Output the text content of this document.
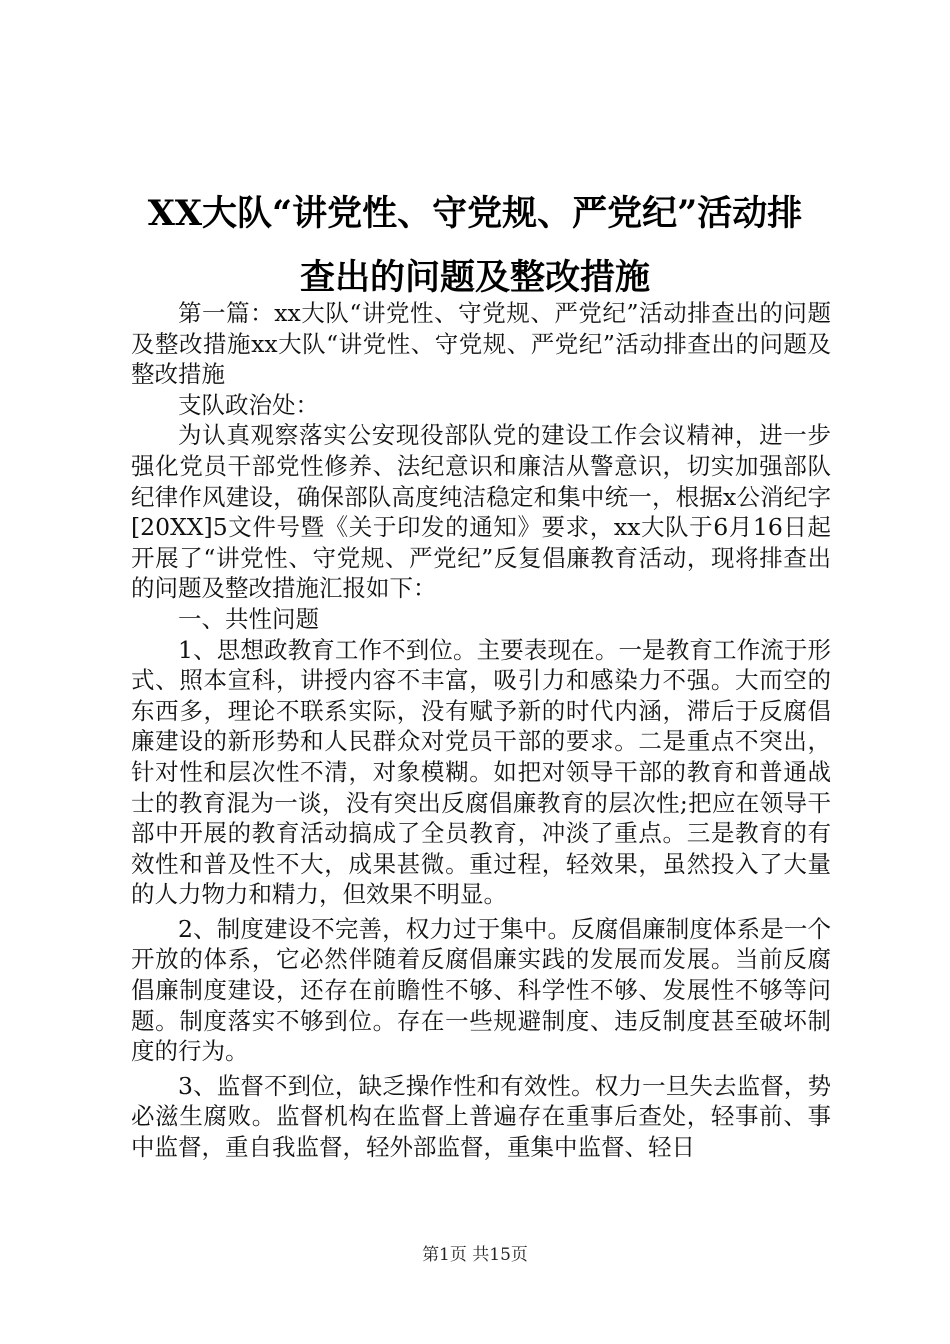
XX大队“讲党性、守党规、严党纪”活动排
查出的问题及整改措施

第一篇：xx大队“讲党性、守党规、严党纪”活动排查出的问题及整改措施xx大队“讲党性、守党规、严党纪”活动排查出的问题及整改措施

支队政治处：

为认真观察落实公安现役部队党的建设工作会议精神，进一步强化党员干部党性修养、法纪意识和廉洁从警意识，切实加强部队纪律作风建设，确保部队高度纯洁稳定和集中统一，根据x公消纪字[20XX]5文件号暨《关于印发的通知》要求，xx大队于6月16日起开展了“讲党性、守党规、严党纪”反复倡廉教育活动，现将排查出的问题及整改措施汇报如下：

一、共性问题

1、思想政教育工作不到位。主要表现在。一是教育工作流于形式、照本宣科，讲授内容不丰富，吸引力和感染力不强。大而空的东西多，理论不联系实际，没有赋予新的时代内涵，滞后于反腐倡廉建设的新形势和人民群众对党员干部的要求。二是重点不突出，针对性和层次性不清，对象模糊。如把对领导干部的教育和普通战士的教育混为一谈，没有突出反腐倡廉教育的层次性;把应在领导干部中开展的教育活动搞成了全员教育，冲淡了重点。三是教育的有效性和普及性不大，成果甚微。重过程，轻效果，虽然投入了大量的人力物力和精力，但效果不明显。

2、制度建设不完善，权力过于集中。反腐倡廉制度体系是一个开放的体系，它必然伴随着反腐倡廉实践的发展而发展。当前反腐倡廉制度建设，还存在前瞻性不够、科学性不够、发展性不够等问题。制度落实不够到位。存在一些规避制度、违反制度甚至破坏制度的行为。

3、监督不到位，缺乏操作性和有效性。权力一旦失去监督，势必滋生腐败。监督机构在监督上普遍存在重事后查处，轻事前、事中监督，重自我监督，轻外部监督，重集中监督、轻日

第1页 共15页
